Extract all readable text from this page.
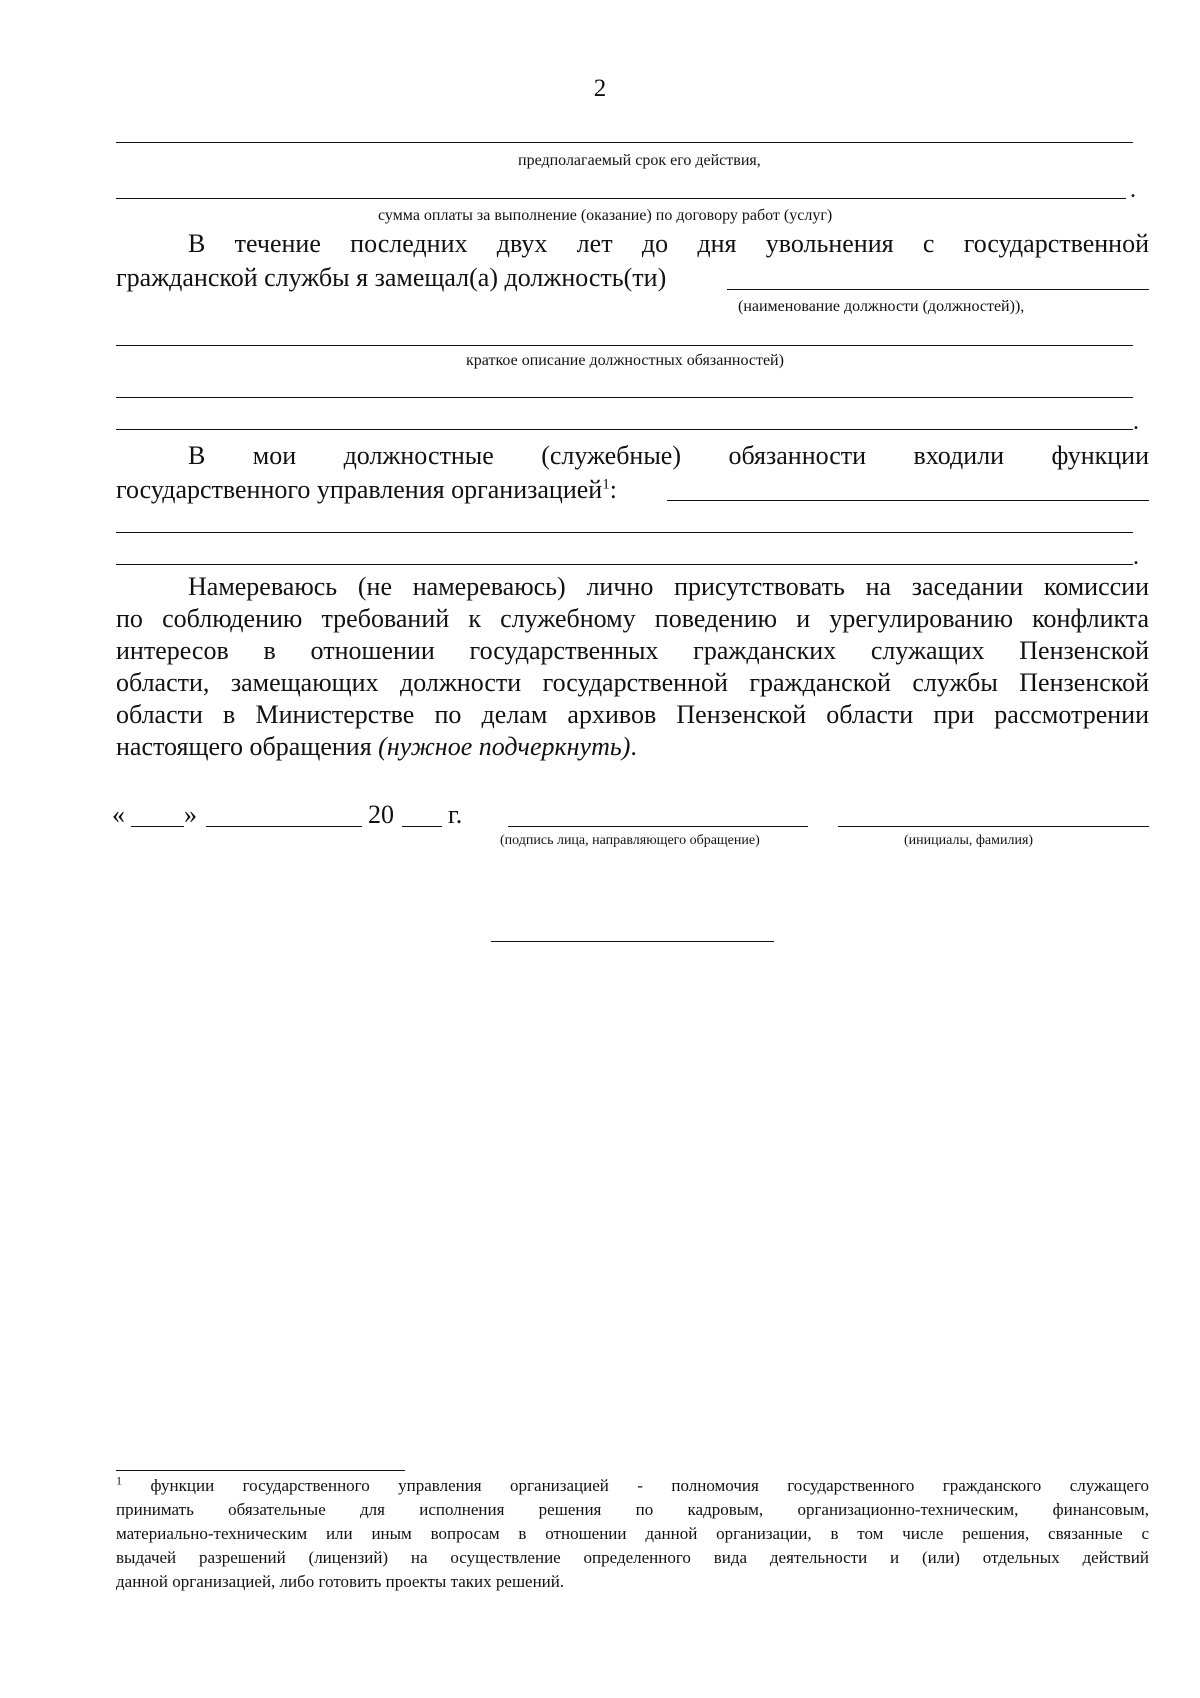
2
предполагаемый срок его действия,
.
сумма оплаты за выполнение (оказание) по договору работ (услуг)
В течение последних двух лет до дня увольнения с государственной
гражданской службы я замещал(а) должность(ти)
(наименование должности (должностей)),
краткое описание должностных обязанностей)
.
В мои должностные (служебные) обязанности входили функции
государственного управления организацией$^1$:
.
Намереваюсь (не намереваюсь) лично присутствовать на заседании комиссии
по соблюдению требований к служебному поведению и урегулированию конфликта
интересов в отношении государственных гражданских служащих Пензенской
области, замещающих должности государственной гражданской службы Пензенской
области в Министерстве по делам архивов Пензенской области при рассмотрении
настоящего обращения (нужное подчеркнуть).
« »	20 г.
(подпись лица, направляющего обращение)	(инициалы, фамилия)
$^1$ функции государственного управления организацией - полномочия государственного гражданского служащего
принимать обязательные для исполнения решения по кадровым, организационно-техническим, финансовым,
материально-техническим или иным вопросам в отношении данной организации, в том числе решения, связанные с
выдачей разрешений (лицензий) на осуществление определенного вида деятельности и (или) отдельных действий
данной организацией, либо готовить проекты таких решений.
